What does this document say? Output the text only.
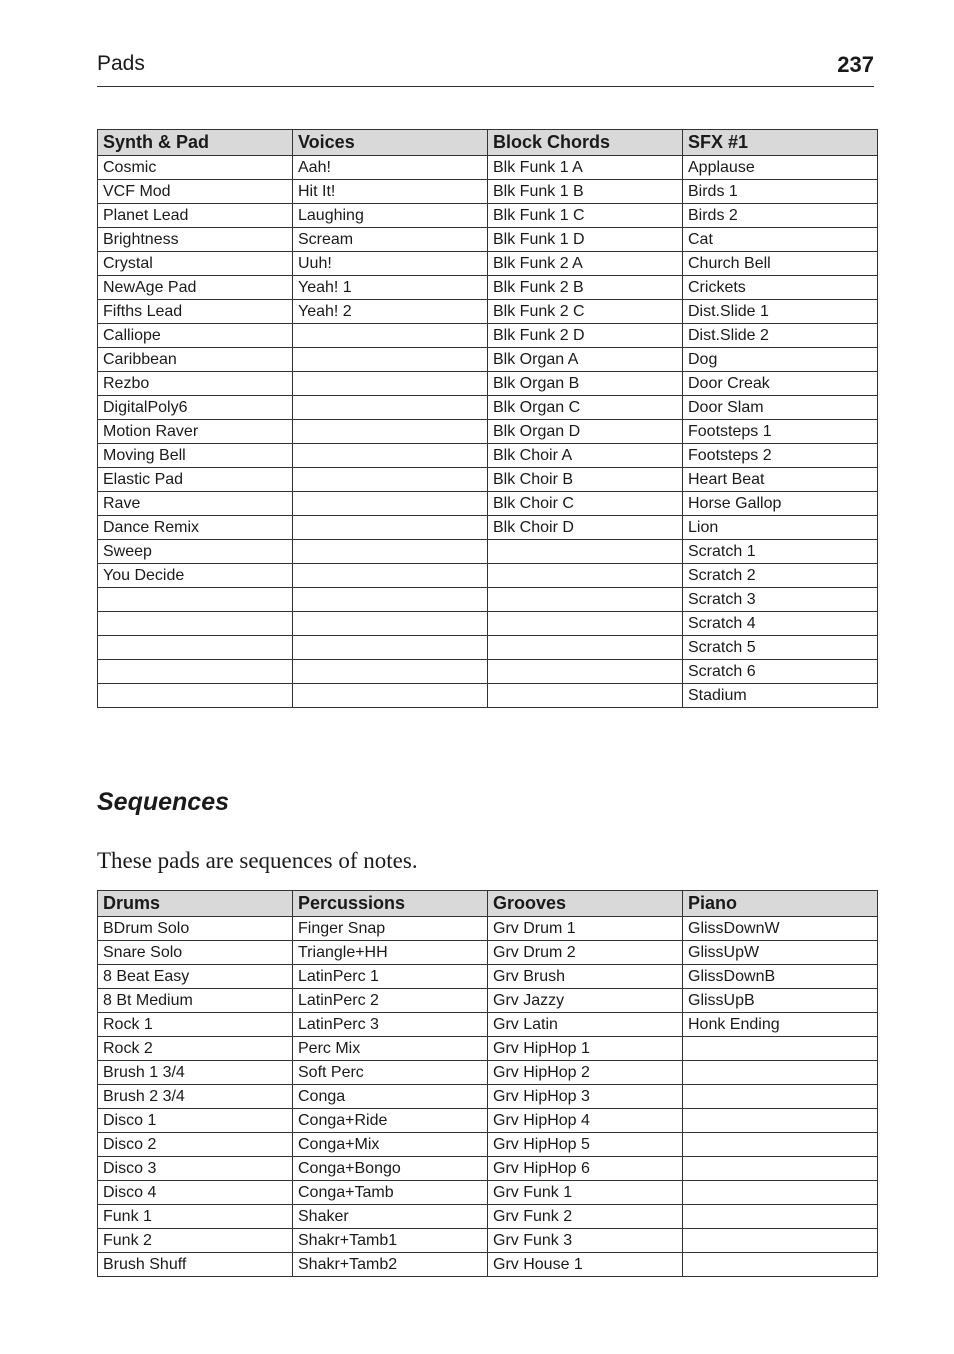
Pads	237
Synth & Pad	Voices	Block Chords	SFX #1
Cosmic	Aah!	Blk Funk 1 A	Applause
VCF Mod	Hit It!	Blk Funk 1 B	Birds 1
Planet Lead	Laughing	Blk Funk 1 C	Birds 2
Brightness	Scream	Blk Funk 1 D	Cat
Crystal	Uuh!	Blk Funk 2 A	Church Bell
NewAge Pad	Yeah! 1	Blk Funk 2 B	Crickets
Fifths Lead	Yeah! 2	Blk Funk 2 C	Dist.Slide 1
Calliope		Blk Funk 2 D	Dist.Slide 2
Caribbean		Blk Organ A	Dog
Rezbo		Blk Organ B	Door Creak
DigitalPoly6		Blk Organ C	Door Slam
Motion Raver		Blk Organ D	Footsteps 1
Moving Bell		Blk Choir A	Footsteps 2
Elastic Pad		Blk Choir B	Heart Beat
Rave		Blk Choir C	Horse Gallop
Dance Remix		Blk Choir D	Lion
Sweep			Scratch 1
You Decide			Scratch 2
			Scratch 3
			Scratch 4
			Scratch 5
			Scratch 6
			Stadium
Sequences
These pads are sequences of notes.
Drums	Percussions	Grooves	Piano
BDrum Solo	Finger Snap	Grv Drum 1	GlissDownW
Snare Solo	Triangle+HH	Grv Drum 2	GlissUpW
8 Beat Easy	LatinPerc 1	Grv Brush	GlissDownB
8 Bt Medium	LatinPerc 2	Grv Jazzy	GlissUpB
Rock 1	LatinPerc 3	Grv Latin	Honk Ending
Rock 2	Perc Mix	Grv HipHop 1	
Brush 1 3/4	Soft Perc	Grv HipHop 2	
Brush 2 3/4	Conga	Grv HipHop 3	
Disco 1	Conga+Ride	Grv HipHop 4	
Disco 2	Conga+Mix	Grv HipHop 5	
Disco 3	Conga+Bongo	Grv HipHop 6	
Disco 4	Conga+Tamb	Grv Funk 1	
Funk 1	Shaker	Grv Funk 2	
Funk 2	Shakr+Tamb1	Grv Funk 3	
Brush Shuff	Shakr+Tamb2	Grv House 1	
